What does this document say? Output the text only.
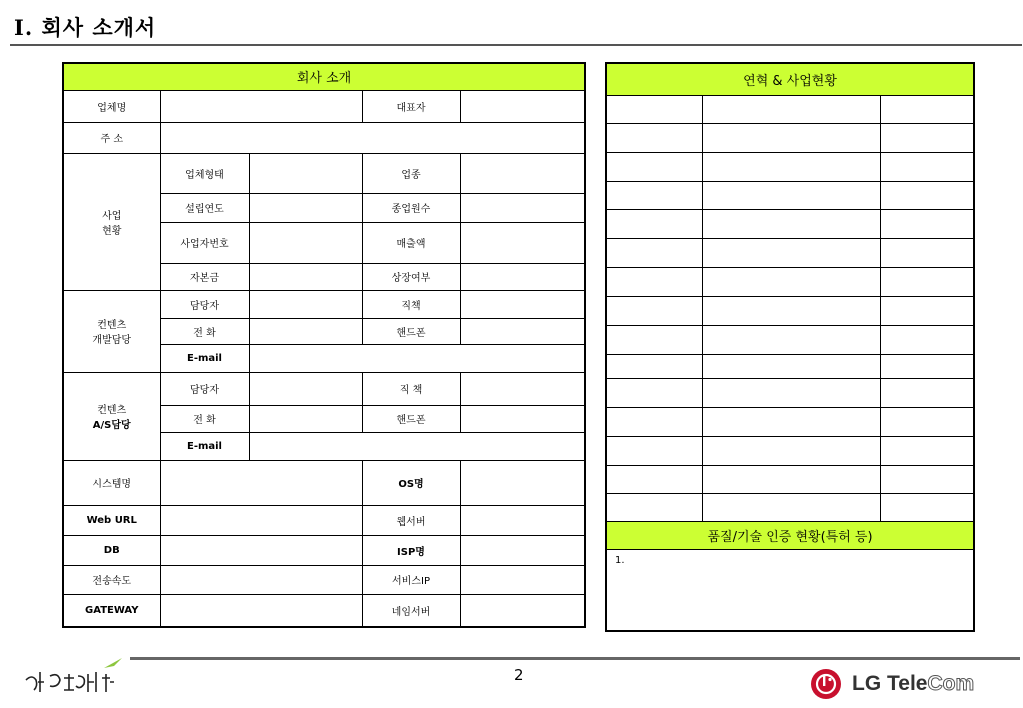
I. 회사 소개서
회사 소개				
업체명			대표자	
주 소				
사업
현황	업체형태		업종	
	설립연도		종업원수	
	사업자번호		매출액	
	자본금		상장여부	
컨텐츠
개발담당	담당자		직책	
	전 화		핸드폰	
	E-mail			
컨텐츠
A/S담당	담당자		직 책	
	전 화		핸드폰	
	E-mail			
시스템명			OS명	
Web URL			웹서버	
DB			ISP명	
전송속도			서비스IP	
GATEWAY			네임서버	
연혁 & 사업현황		

품질/기술 인증 현황(특허 등)		
1.		
2	LG TeleCom
